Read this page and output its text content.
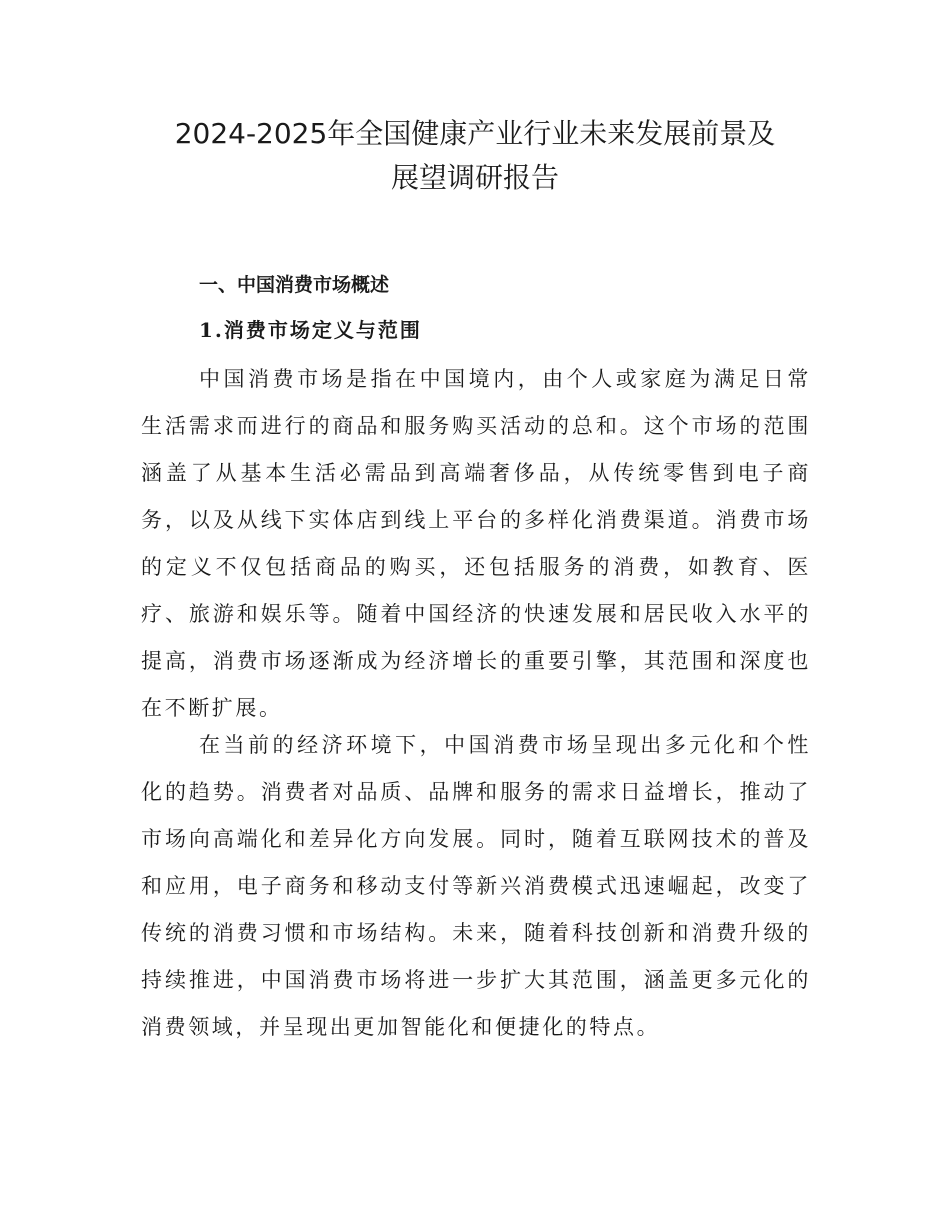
2024-2025年全国健康产业行业未来发展前景及
展望调研报告
一、中国消费市场概述
1.消费市场定义与范围

中国消费市场是指在中国境内，由个人或家庭为满足日常生活需求而进行的商品和服务购买活动的总和。这个市场的范围涵盖了从基本生活必需品到高端奢侈品，从传统零售到电子商务，以及从线下实体店到线上平台的多样化消费渠道。消费市场的定义不仅包括商品的购买，还包括服务的消费，如教育、医疗、旅游和娱乐等。随着中国经济的快速发展和居民收入水平的提高，消费市场逐渐成为经济增长的重要引擎，其范围和深度也在不断扩展。

在当前的经济环境下，中国消费市场呈现出多元化和个性化的趋势。消费者对品质、品牌和服务的需求日益增长，推动了市场向高端化和差异化方向发展。同时，随着互联网技术的普及和应用，电子商务和移动支付等新兴消费模式迅速崛起，改变了传统的消费习惯和市场结构。未来，随着科技创新和消费升级的持续推进，中国消费市场将进一步扩大其范围，涵盖更多元化的消费领域，并呈现出更加智能化和便捷化的特点。
